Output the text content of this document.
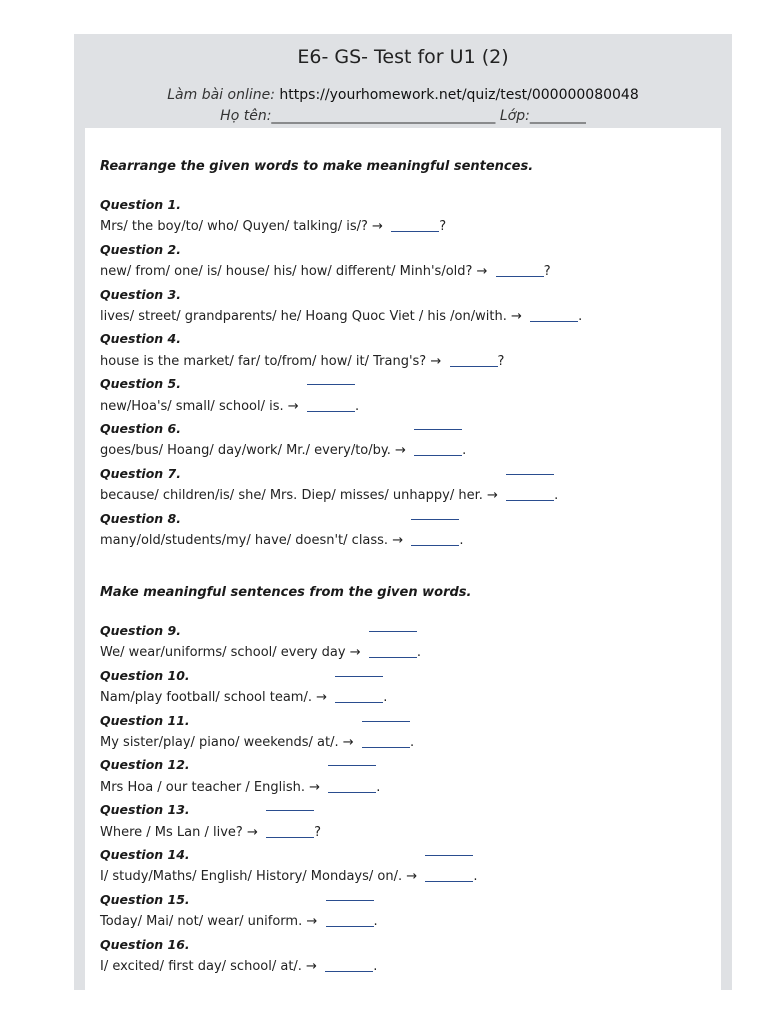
E6- GS- Test for U1 (2)
Làm bài online: https://yourhomework.net/quiz/test/000000080048
Họ tên:________________________________ Lớp:________
Rearrange the given words to make meaningful sentences.
Question 1.
Mrs/ the boy/to/ who/ Quyen/ talking/ is/? →	?
Question 2.
new/ from/ one/ is/ house/ his/ how/ different/ Minh's/old? →	?
Question 3.
lives/ street/ grandparents/ he/ Hoang Quoc Viet / his /on/with. →	.
Question 4.
house is the market/ far/ to/from/ how/ it/ Trang's? →	?
Question 5.
new/Hoa's/ small/ school/ is. →	.
Question 6.
goes/bus/ Hoang/ day/work/ Mr./ every/to/by. →	.
Question 7.
because/ children/is/ she/ Mrs. Diep/ misses/ unhappy/ her. →	.
Question 8.
many/old/students/my/ have/ doesn't/ class. →	.
Make meaningful sentences from the given words.
Question 9.
We/ wear/uniforms/ school/ every day →	.
Question 10.
Nam/play football/ school team/. →	.
Question 11.
My sister/play/ piano/ weekends/ at/. →	.
Question 12.
Mrs Hoa / our teacher / English. →	.
Question 13.
Where / Ms Lan / live? →	?
Question 14.
I/ study/Maths/ English/ History/ Mondays/ on/. →	.
Question 15.
Today/ Mai/ not/ wear/ uniform. →	.
Question 16.
I/ excited/ first day/ school/ at/. →	.
